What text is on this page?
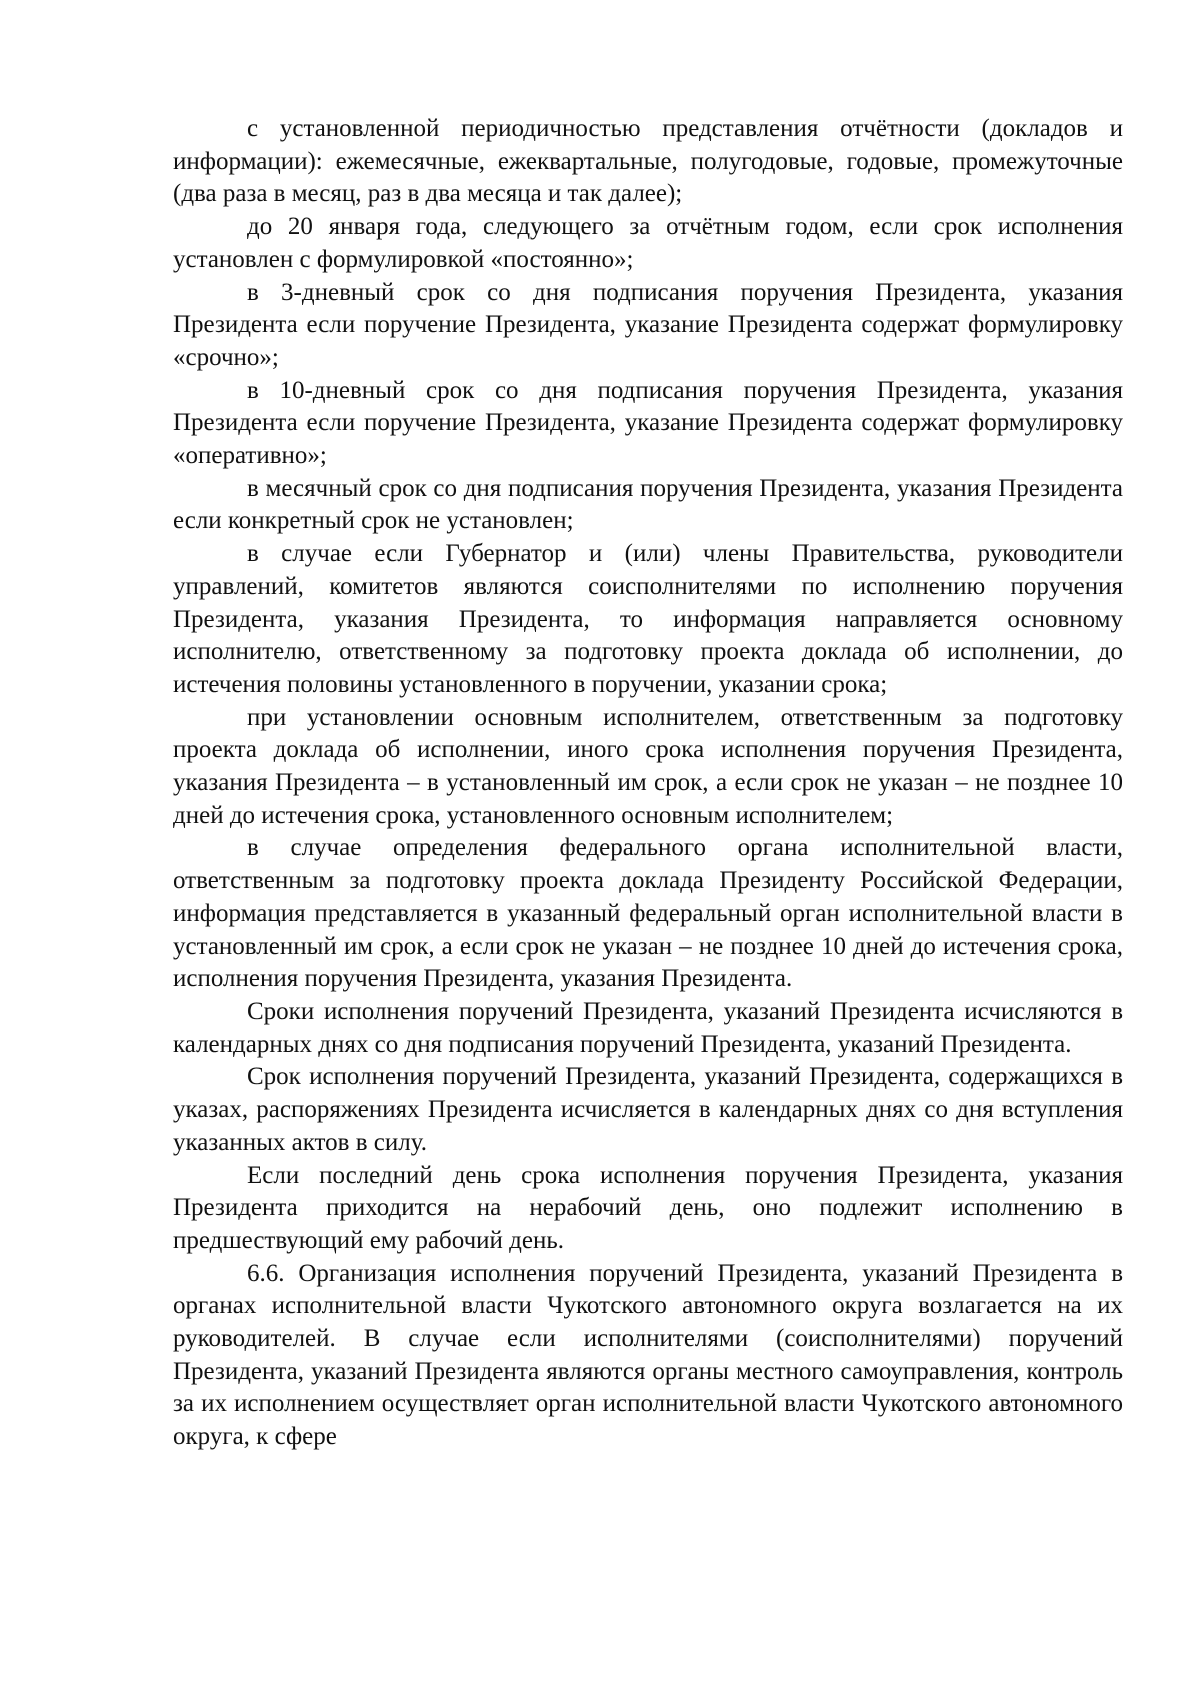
с установленной периодичностью представления отчётности (докладов и информации): ежемесячные, ежеквартальные, полугодовые, годовые, промежуточные (два раза в месяц, раз в два месяца и так далее);

до 20 января года, следующего за отчётным годом, если срок исполнения установлен с формулировкой «постоянно»;

в 3-дневный срок со дня подписания поручения Президента, указания Президента если поручение Президента, указание Президента содержат формулировку «срочно»;

в 10-дневный срок со дня подписания поручения Президента, указания Президента если поручение Президента, указание Президента содержат формулировку «оперативно»;

в месячный срок со дня подписания поручения Президента, указания Президента если конкретный срок не установлен;

в случае если Губернатор и (или) члены Правительства, руководители управлений, комитетов являются соисполнителями по исполнению поручения Президента, указания Президента, то информация направляется основному исполнителю, ответственному за подготовку проекта доклада об исполнении, до истечения половины установленного в поручении, указании срока;

при установлении основным исполнителем, ответственным за подготовку проекта доклада об исполнении, иного срока исполнения поручения Президента, указания Президента – в установленный им срок, а если срок не указан – не позднее 10 дней до истечения срока, установленного основным исполнителем;

в случае определения федерального органа исполнительной власти, ответственным за подготовку проекта доклада Президенту Российской Федерации, информация представляется в указанный федеральный орган исполнительной власти в установленный им срок, а если срок не указан – не позднее 10 дней до истечения срока, исполнения поручения Президента, указания Президента.

Сроки исполнения поручений Президента, указаний Президента исчисляются в календарных днях со дня подписания поручений Президента, указаний Президента.

Срок исполнения поручений Президента, указаний Президента, содержащихся в указах, распоряжениях Президента исчисляется в календарных днях со дня вступления указанных актов в силу.

Если последний день срока исполнения поручения Президента, указания Президента приходится на нерабочий день, оно подлежит исполнению в предшествующий ему рабочий день.

6.6. Организация исполнения поручений Президента, указаний Президента в органах исполнительной власти Чукотского автономного округа возлагается на их руководителей. В случае если исполнителями (соисполнителями) поручений Президента, указаний Президента являются органы местного самоуправления, контроль за их исполнением осуществляет орган исполнительной власти Чукотского автономного округа, к сфере
